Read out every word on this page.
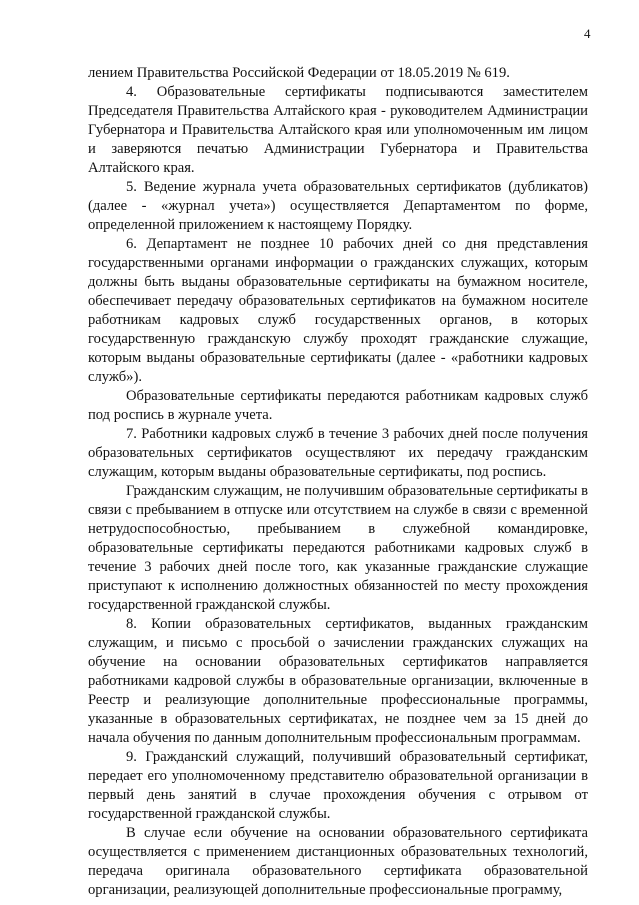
4

лением Правительства Российской Федерации от 18.05.2019 № 619.

4. Образовательные сертификаты подписываются заместителем Председателя Правительства Алтайского края - руководителем Администрации Губернатора и Правительства Алтайского края или уполномоченным им лицом и заверяются печатью Администрации Губернатора и Правительства Алтайского края.

5. Ведение журнала учета образовательных сертификатов (дубликатов) (далее - «журнал учета») осуществляется Департаментом по форме, определенной приложением к настоящему Порядку.

6. Департамент не позднее 10 рабочих дней со дня представления государственными органами информации о гражданских служащих, которым должны быть выданы образовательные сертификаты на бумажном носителе, обеспечивает передачу образовательных сертификатов на бумажном носителе работникам кадровых служб государственных органов, в которых государственную гражданскую службу проходят гражданские служащие, которым выданы образовательные сертификаты (далее - «работники кадровых служб»).

Образовательные сертификаты передаются работникам кадровых служб под роспись в журнале учета.

7. Работники кадровых служб в течение 3 рабочих дней после получения образовательных сертификатов осуществляют их передачу гражданским служащим, которым выданы образовательные сертификаты, под роспись.

Гражданским служащим, не получившим образовательные сертификаты в связи с пребыванием в отпуске или отсутствием на службе в связи с временной нетрудоспособностью, пребыванием в служебной командировке, образовательные сертификаты передаются работниками кадровых служб в течение 3 рабочих дней после того, как указанные гражданские служащие приступают к исполнению должностных обязанностей по месту прохождения государственной гражданской службы.

8. Копии образовательных сертификатов, выданных гражданским служащим, и письмо с просьбой о зачислении гражданских служащих на обучение на основании образовательных сертификатов направляется работниками кадровой службы в образовательные организации, включенные в Реестр и реализующие дополнительные профессиональные программы, указанные в образовательных сертификатах, не позднее чем за 15 дней до начала обучения по данным дополнительным профессиональным программам.

9. Гражданский служащий, получивший образовательный сертификат, передает его уполномоченному представителю образовательной организации в первый день занятий в случае прохождения обучения с отрывом от государственной гражданской службы.

В случае если обучение на основании образовательного сертификата осуществляется с применением дистанционных образовательных технологий, передача оригинала образовательного сертификата образовательной организации, реализующей дополнительные профессиональные программу,
